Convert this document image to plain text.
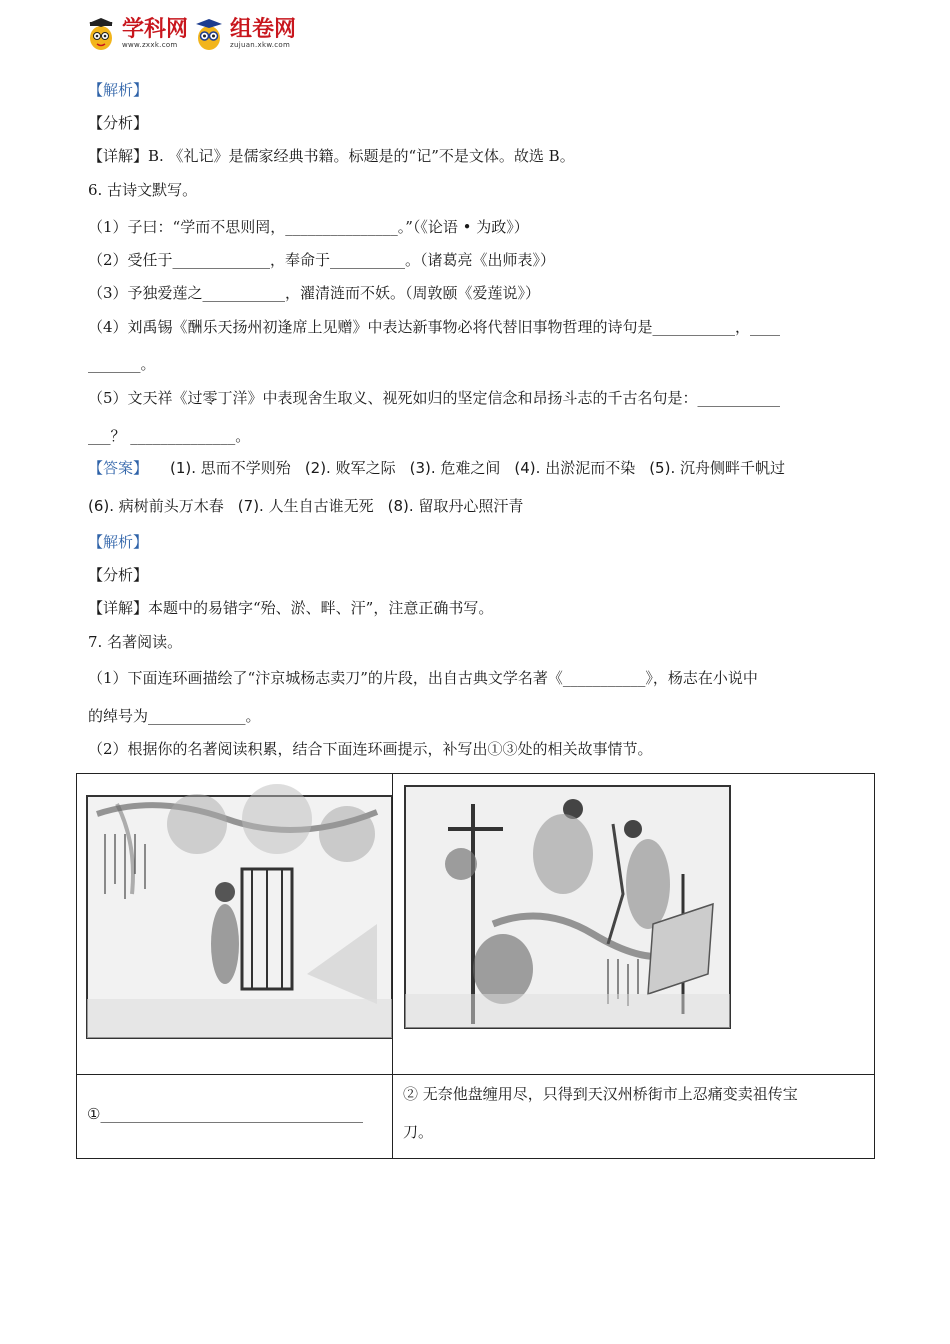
学科网
www.zxxk.com
组卷网
zujuan.xkw.com
【解析】
【分析】
【详解】B. 《礼记》是儒家经典书籍。标题是的“记”不是文体。故选 B。
6. 古诗文默写。
（1）子曰：“学而不思则罔，_______________。”（《论语 • 为政》）
（2）受任于_____________，奉命于__________。（诸葛亮《出师表》）
（3）予独爱莲之___________，濯清涟而不妖。（周敦颐《爱莲说》）
（4）刘禹锡《酬乐天扬州初逢席上见赠》中表达新事物必将代替旧事物哲理的诗句是___________，____
_______。
（5）文天祥《过零丁洋》中表现舍生取义、视死如归的坚定信念和昂扬斗志的千古名句是：___________
___？ ______________。
【答案】 (1). 思而不学则殆 (2). 败军之际 (3). 危难之间 (4). 出淤泥而不染 (5). 沉舟侧畔千帆过
(6). 病树前头万木春 (7). 人生自古谁无死 (8). 留取丹心照汗青
【解析】
【分析】
【详解】本题中的易错字“殆、淤、畔、汗”，注意正确书写。
7. 名著阅读。
（1）下面连环画描绘了“汴京城杨志卖刀”的片段，出自古典文学名著《___________》，杨志在小说中
的绰号为_____________。
（2）根据你的名著阅读积累，结合下面连环画提示，补写出①③处的相关故事情节。

①___________________________________	② 无奈他盘缠用尽，只得到天汉州桥街市上忍痛变卖祖传宝
刀。
